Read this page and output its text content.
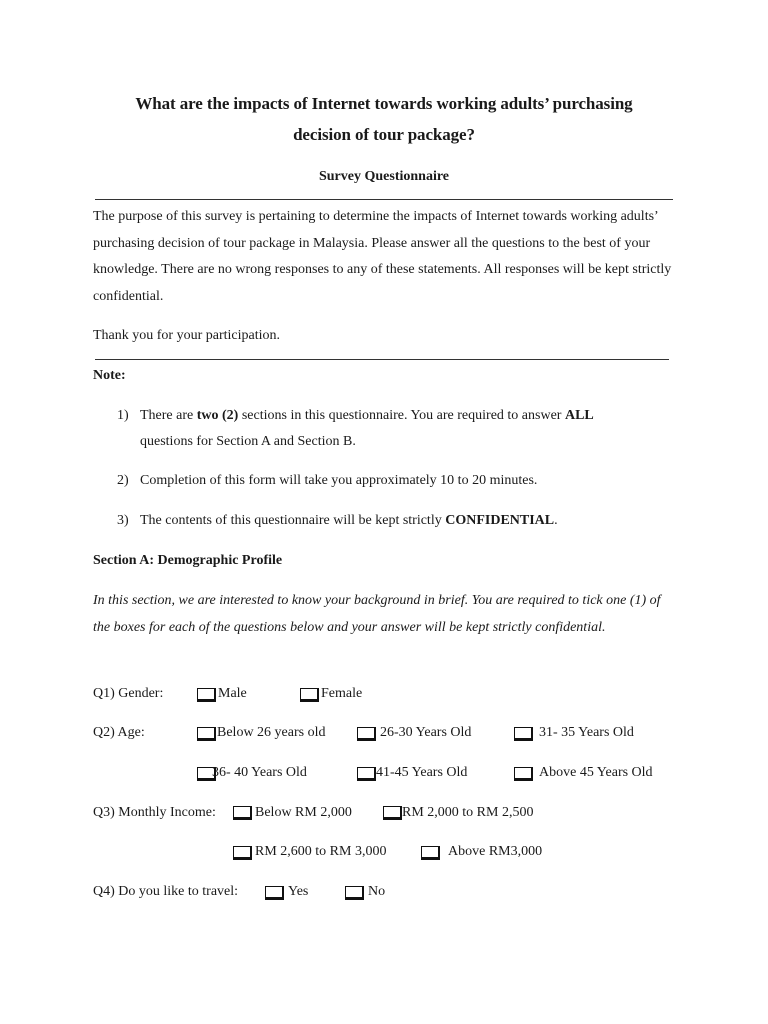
What are the impacts of Internet towards working adults’ purchasing
decision of tour package?
Survey Questionnaire
The purpose of this survey is pertaining to determine the impacts of Internet towards working adults’ purchasing decision of tour package in Malaysia. Please answer all the questions to the best of your knowledge. There are no wrong responses to any of these statements. All responses will be kept strictly confidential.
Thank you for your participation.
Note:
1) There are two (2) sections in this questionnaire. You are required to answer ALL
questions for Section A and Section B.
2) Completion of this form will take you approximately 10 to 20 minutes.
3) The contents of this questionnaire will be kept strictly CONFIDENTIAL.
Section A: Demographic Profile
In this section, we are interested to know your background in brief. You are required to tick one (1) of the boxes for each of the questions below and your answer will be kept strictly confidential.
Q1) Gender:	Male	Female
Q2) Age:	Below 26 years old	26-30 Years Old	31- 35 Years Old
36- 40 Years Old	41-45 Years Old	Above 45 Years Old
Q3) Monthly Income:	Below RM 2,000	RM 2,000 to RM 2,500
RM 2,600 to RM 3,000	Above RM3,000
Q4) Do you like to travel:	Yes	No
